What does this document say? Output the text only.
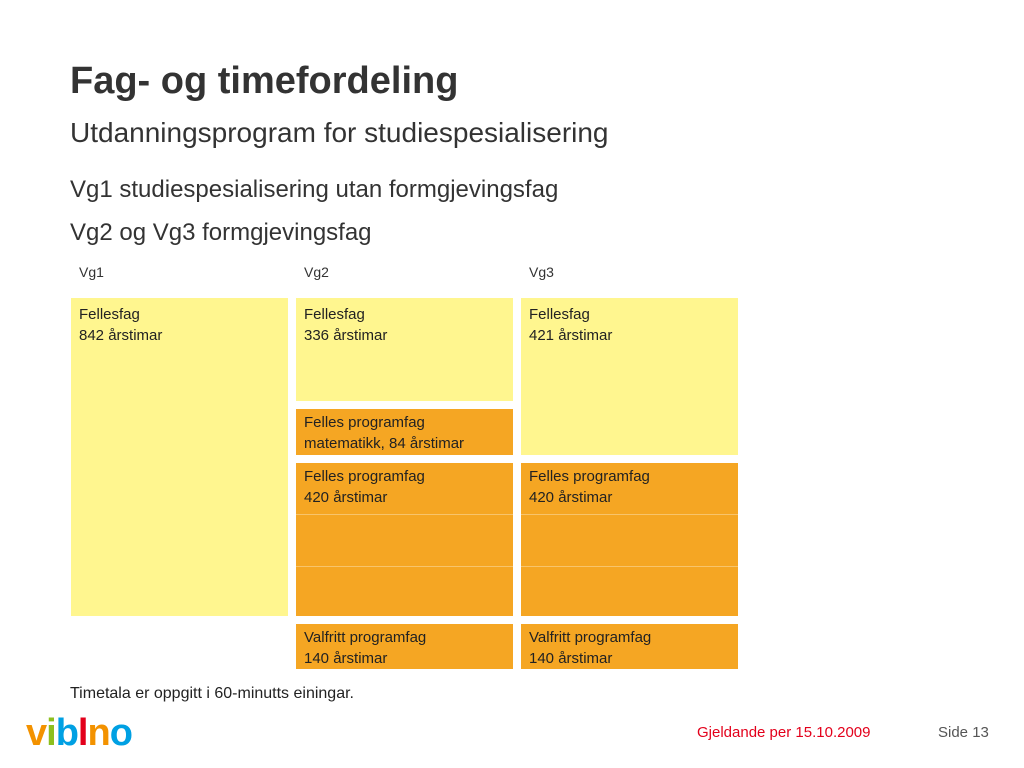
Fag- og timefordeling
Utdanningsprogram for studiespesialisering
Vg1 studiespesialisering utan formgjevingsfag
Vg2 og Vg3 formgjevingsfag
Vg1	Vg2	Vg3
Fellesfag
842 årstimar
Fellesfag
336 årstimar
Felles programfag
matematikk, 84 årstimar
Felles programfag
420 årstimar
Valfritt programfag
140 årstimar
Fellesfag
421 årstimar
Felles programfag
420 årstimar
Valfritt programfag
140 årstimar
Timetala er oppgitt i 60-minutts einingar.
viblno	Gjeldande per 15.10.2009	Side 13
